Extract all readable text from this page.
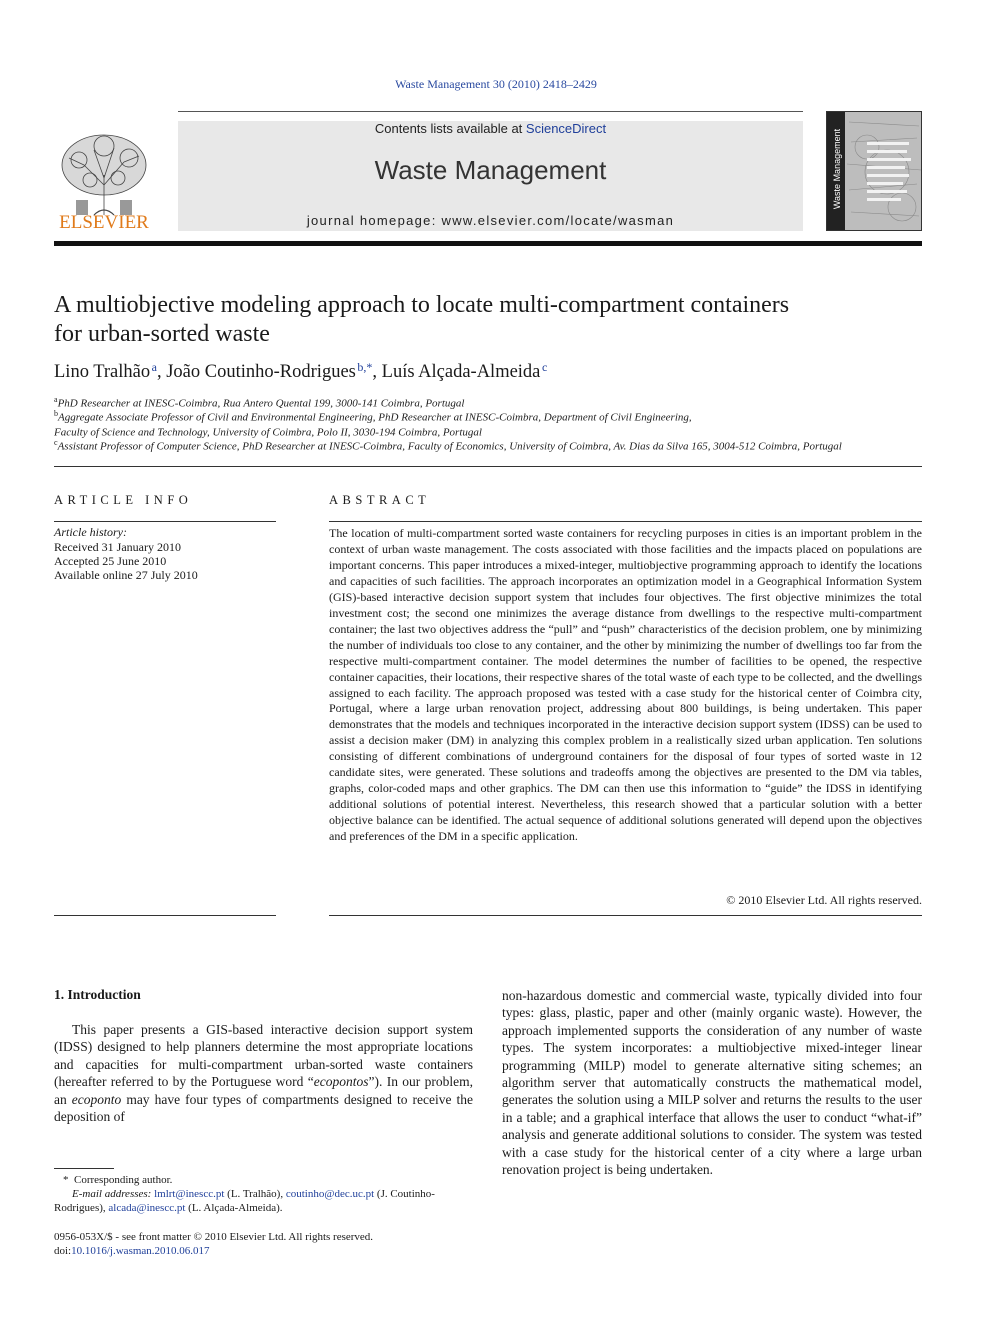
Waste Management 30 (2010) 2418–2429
ELSEVIER
Contents lists available at ScienceDirect
Waste Management
journal homepage: www.elsevier.com/locate/wasman
Waste Management
A multiobjective modeling approach to locate multi-compartment containers
for urban-sorted waste
Lino Tralhão  $^a$, João Coutinho-Rodrigues  $^{b,*}$, Luís Alçada-Almeida  $^c$
$^a$PhD Researcher at INESC-Coimbra, Rua Antero Quental 199, 3000-141 Coimbra, Portugal
$^b$Aggregate Associate Professor of Civil and Environmental Engineering, PhD Researcher at INESC-Coimbra, Department of Civil Engineering,
Faculty of Science and Technology, University of Coimbra, Polo II, 3030-194 Coimbra, Portugal
$^c$Assistant Professor of Computer Science, PhD Researcher at INESC-Coimbra, Faculty of Economics, University of Coimbra, Av. Dias da Silva 165, 3004-512 Coimbra, Portugal
ARTICLE INFO
Article history:
Received 31 January 2010
Accepted 25 June 2010
Available online 27 July 2010
ABSTRACT
The location of multi-compartment sorted waste containers for recycling purposes in cities is an important problem in the context of urban waste management. The costs associated with those facilities and the impacts placed on populations are important concerns. This paper introduces a mixed-integer, multiobjective programming approach to identify the locations and capacities of such facilities. The approach incorporates an optimization model in a Geographical Information System (GIS)-based interactive decision support system that includes four objectives. The first objective minimizes the total investment cost; the second one minimizes the average distance from dwellings to the respective multi-compartment container; the last two objectives address the “pull” and “push” characteristics of the decision problem, one by minimizing the number of individuals too close to any container, and the other by minimizing the number of dwellings too far from the respective multi-compartment container. The model determines the number of facilities to be opened, the respective container capacities, their locations, their respective shares of the total waste of each type to be collected, and the dwellings assigned to each facility. The approach proposed was tested with a case study for the historical center of Coimbra city, Portugal, where a large urban renovation project, addressing about 800 buildings, is being undertaken. This paper demonstrates that the models and techniques incorporated in the interactive decision support system (IDSS) can be used to assist a decision maker (DM) in analyzing this complex problem in a realistically sized urban application. Ten solutions consisting of different combinations of underground containers for the disposal of four types of sorted waste in 12 candidate sites, were generated. These solutions and tradeoffs among the objectives are presented to the DM via tables, graphs, color-coded maps and other graphics. The DM can then use this information to “guide” the IDSS in identifying additional solutions of potential interest. Nevertheless, this research showed that a particular solution with a better objective balance can be identified. The actual sequence of additional solutions generated will depend upon the objectives and preferences of the DM in a specific application.
© 2010 Elsevier Ltd. All rights reserved.
1. Introduction
This paper presents a GIS-based interactive decision support system (IDSS) designed to help planners determine the most appropriate locations and capacities for multi-compartment urban-sorted waste containers (hereafter referred to by the Portuguese word “ecopontos”). In our problem, an ecoponto may have four types of compartments designed to receive the deposition of
non-hazardous domestic and commercial waste, typically divided into four types: glass, plastic, paper and other (mainly organic waste). However, the approach implemented supports the consideration of any number of waste types. The system incorporates: a multiobjective mixed-integer linear programming (MILP) model to generate alternative siting schemes; an algorithm server that automatically constructs the mathematical model, generates the solution using a MILP solver and returns the results to the user in a table; and a graphical interface that allows the user to conduct “what-if” analysis and generate additional solutions to consider. The system was tested with a case study for the historical center of a city where a large urban renovation project is being undertaken.
*  Corresponding author.
E-mail addresses: lmlrt@inescc.pt (L. Tralhão), coutinho@dec.uc.pt (J. Coutinho-Rodrigues), alcada@inescc.pt (L. Alçada-Almeida).
0956-053X/$ - see front matter © 2010 Elsevier Ltd. All rights reserved.
doi:10.1016/j.wasman.2010.06.017
